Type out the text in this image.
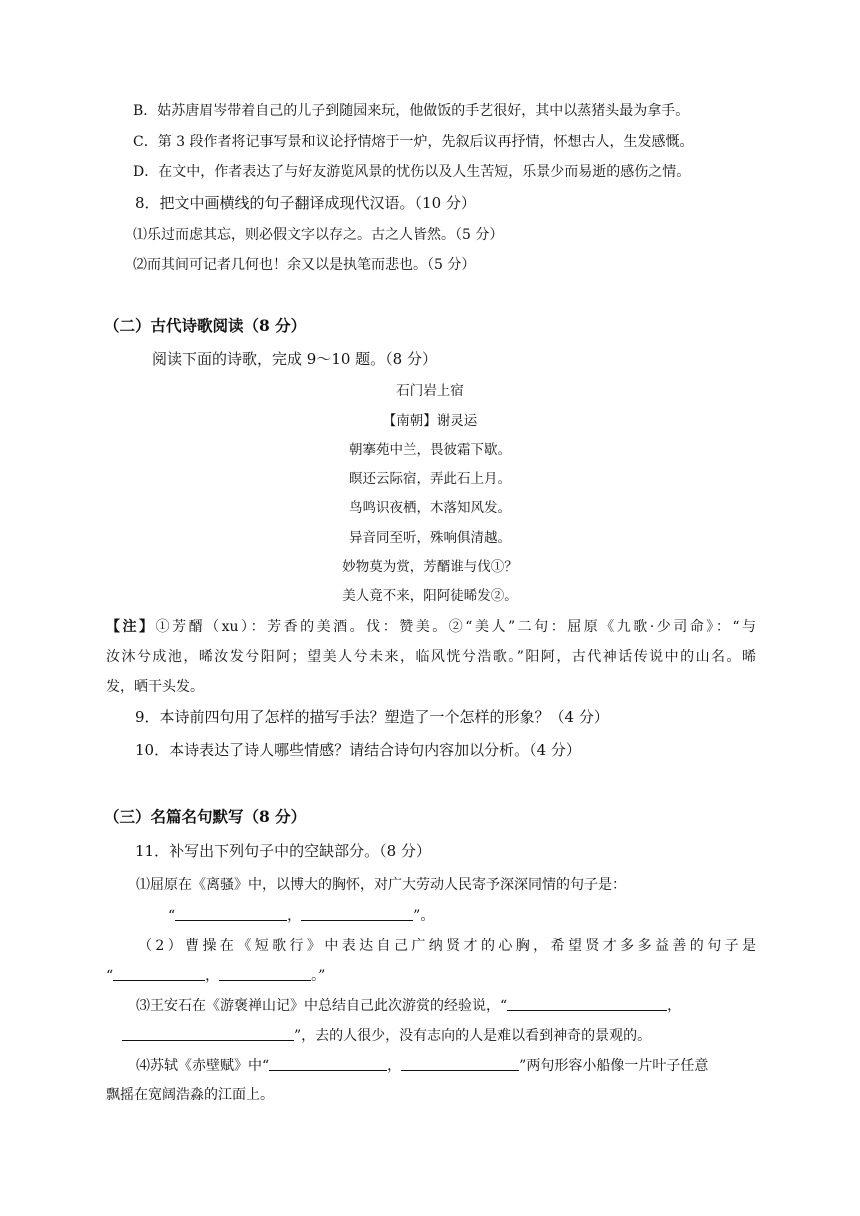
B．姑苏唐眉岑带着自己的儿子到随园来玩，他做饭的手艺很好，其中以蒸猪头最为拿手。
C．第 3 段作者将记事写景和议论抒情熔于一炉，先叙后议再抒情，怀想古人，生发感慨。
D．在文中，作者表达了与好友游览风景的忧伤以及人生苦短，乐景少而易逝的感伤之情。
8．把文中画横线的句子翻译成现代汉语。（10 分）
⑴乐过而虑其忘，则必假文字以存之。古之人皆然。（5 分）
⑵而其间可记者几何也！余又以是执笔而悲也。（5 分）
（二）古代诗歌阅读（8 分）
阅读下面的诗歌，完成 9～10 题。（8 分）
石门岩上宿
【南朝】谢灵运
朝搴苑中兰，畏彼霜下歇。
暝还云际宿，弄此石上月。
鸟鸣识夜栖，木落知风发。
异音同至听，殊响俱清越。
妙物莫为赏，芳醑谁与伐①？
美人竟不来，阳阿徒晞发②。
【注】①芳醑（xu）：芳香的美酒。伐：赞美。②“美人”二句：屈原《九歌·少司命》：“与
汝沐兮成池，晞汝发兮阳阿；望美人兮未来，临风恍兮浩歌。”阳阿，古代神话传说中的山名。晞
发，晒干头发。
9．本诗前四句用了怎样的描写手法？塑造了一个怎样的形象？（4 分）
10．本诗表达了诗人哪些情感？请结合诗句内容加以分析。（4 分）
（三）名篇名句默写（8 分）
11．补写出下列句子中的空缺部分。（8 分）
⑴屈原在《离骚》中，以博大的胸怀，对广大劳动人民寄予深深同情的句子是：
“	，	”。
（2）曹操在《短歌行》中表达自己广纳贤才的心胸，希望贤才多多益善的句子是
“	，	。”
⑶王安石在《游褒禅山记》中总结自己此次游赏的经验说，“	，
”，去的人很少，没有志向的人是难以看到神奇的景观的。
⑷苏轼《赤壁赋》中“	，	”两句形容小船像一片叶子任意
飘摇在宽阔浩淼的江面上。
